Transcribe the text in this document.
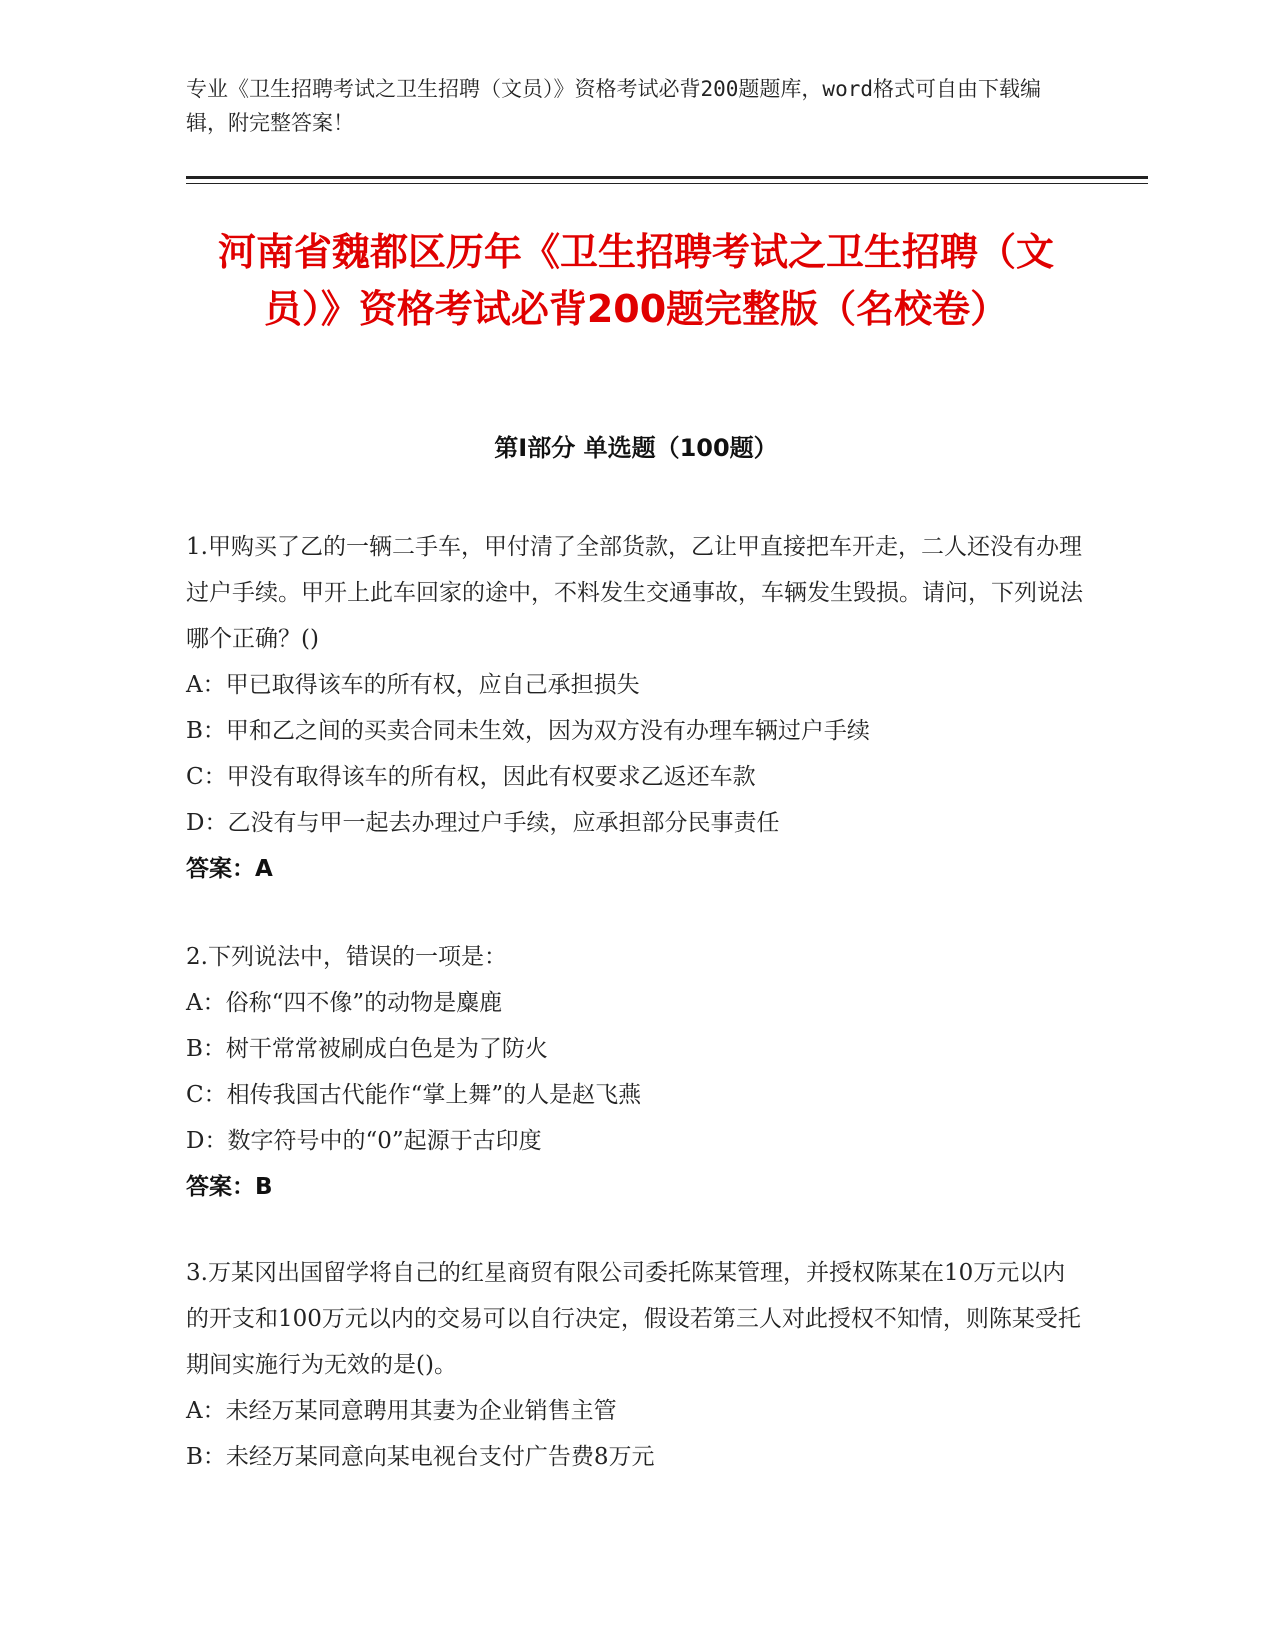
专业《卫生招聘考试之卫生招聘（文员）》资格考试必背200题题库，word格式可自由下载编辑，附完整答案！

河南省魏都区历年《卫生招聘考试之卫生招聘（文员）》资格考试必背200题完整版（名校卷）
第Ⅰ部分 单选题（100题）

1.甲购买了乙的一辆二手车，甲付清了全部货款，乙让甲直接把车开走，二人还没有办理过户手续。甲开上此车回家的途中，不料发生交通事故，车辆发生毁损。请问，下列说法哪个正确？()

A：甲已取得该车的所有权，应自己承担损失

B：甲和乙之间的买卖合同未生效，因为双方没有办理车辆过户手续

C：甲没有取得该车的所有权，因此有权要求乙返还车款

D：乙没有与甲一起去办理过户手续，应承担部分民事责任

答案：A

2.下列说法中，错误的一项是：

A：俗称“四不像”的动物是麋鹿

B：树干常常被刷成白色是为了防火

C：相传我国古代能作“掌上舞”的人是赵飞燕

D：数字符号中的“0”起源于古印度

答案：B

3.万某冈出国留学将自己的红星商贸有限公司委托陈某管理，并授权陈某在10万元以内的开支和100万元以内的交易可以自行决定，假设若第三人对此授权不知情，则陈某受托期间实施行为无效的是()。

A：未经万某同意聘用其妻为企业销售主管

B：未经万某同意向某电视台支付广告费8万元
